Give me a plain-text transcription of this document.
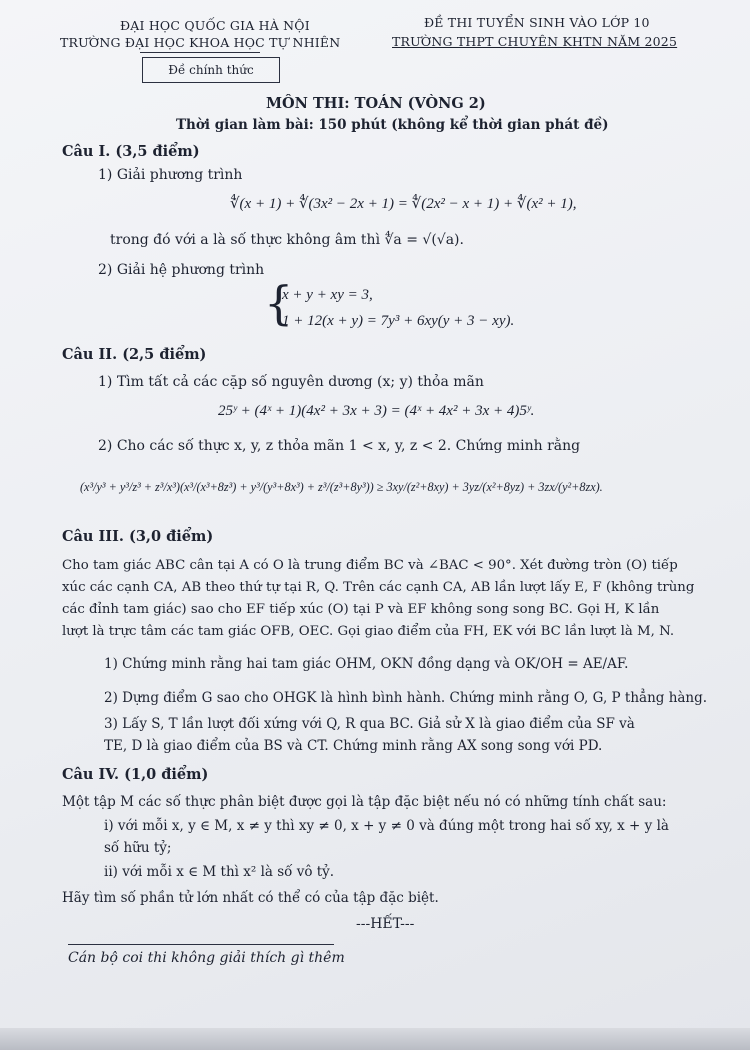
ĐẠI HỌC QUỐC GIA HÀ NỘI
TRƯỜNG ĐẠI HỌC KHOA HỌC TỰ NHIÊN
ĐỀ THI TUYỂN SINH VÀO LỚP 10
TRƯỜNG THPT CHUYÊN KHTN NĂM 2025
Đề chính thức
MÔN THI: TOÁN (VÒNG 2)
Thời gian làm bài: 150 phút (không kể thời gian phát đề)
Câu I. (3,5 điểm)
1) Giải phương trình
∜(x + 1) + ∜(3x² − 2x + 1) = ∜(2x² − x + 1) + ∜(x² + 1),
trong đó với a là số thực không âm thì ∜a = √(√a).
2) Giải hệ phương trình
{
x + y + xy = 3,
1 + 12(x + y) = 7y³ + 6xy(y + 3 − xy).
Câu II. (2,5 điểm)
1) Tìm tất cả các cặp số nguyên dương (x; y) thỏa mãn
25ʸ + (4ˣ + 1)(4x² + 3x + 3) = (4ˣ + 4x² + 3x + 4)5ʸ.
2) Cho các số thực x, y, z thỏa mãn 1 < x, y, z < 2. Chứng minh rằng
(x³/y³ + y³/z³ + z³/x³)(x³/(x³+8z³) + y³/(y³+8x³) + z³/(z³+8y³)) ≥ 3xy/(z²+8xy) + 3yz/(x²+8yz) + 3zx/(y²+8zx).
Câu III. (3,0 điểm)
Cho tam giác ABC cân tại A có O là trung điểm BC và ∠BAC < 90°. Xét đường tròn (O) tiếp
xúc các cạnh CA, AB theo thứ tự tại R, Q. Trên các cạnh CA, AB lần lượt lấy E, F (không trùng
các đỉnh tam giác) sao cho EF tiếp xúc (O) tại P và EF không song song BC. Gọi H, K lần
lượt là trực tâm các tam giác OFB, OEC. Gọi giao điểm của FH, EK với BC lần lượt là M, N.
1) Chứng minh rằng hai tam giác OHM, OKN đồng dạng và OK/OH = AE/AF.
2) Dựng điểm G sao cho OHGK là hình bình hành. Chứng minh rằng O, G, P thẳng hàng.
3) Lấy S, T lần lượt đối xứng với Q, R qua BC. Giả sử X là giao điểm của SF và
TE, D là giao điểm của BS và CT. Chứng minh rằng AX song song với PD.
Câu IV. (1,0 điểm)
Một tập M các số thực phân biệt được gọi là tập đặc biệt nếu nó có những tính chất sau:
i) với mỗi x, y ∈ M, x ≠ y thì xy ≠ 0, x + y ≠ 0 và đúng một trong hai số xy, x + y là
số hữu tỷ;
ii) với mỗi x ∈ M thì x² là số vô tỷ.
Hãy tìm số phần tử lớn nhất có thể có của tập đặc biệt.
---HẾT---
Cán bộ coi thi không giải thích gì thêm
